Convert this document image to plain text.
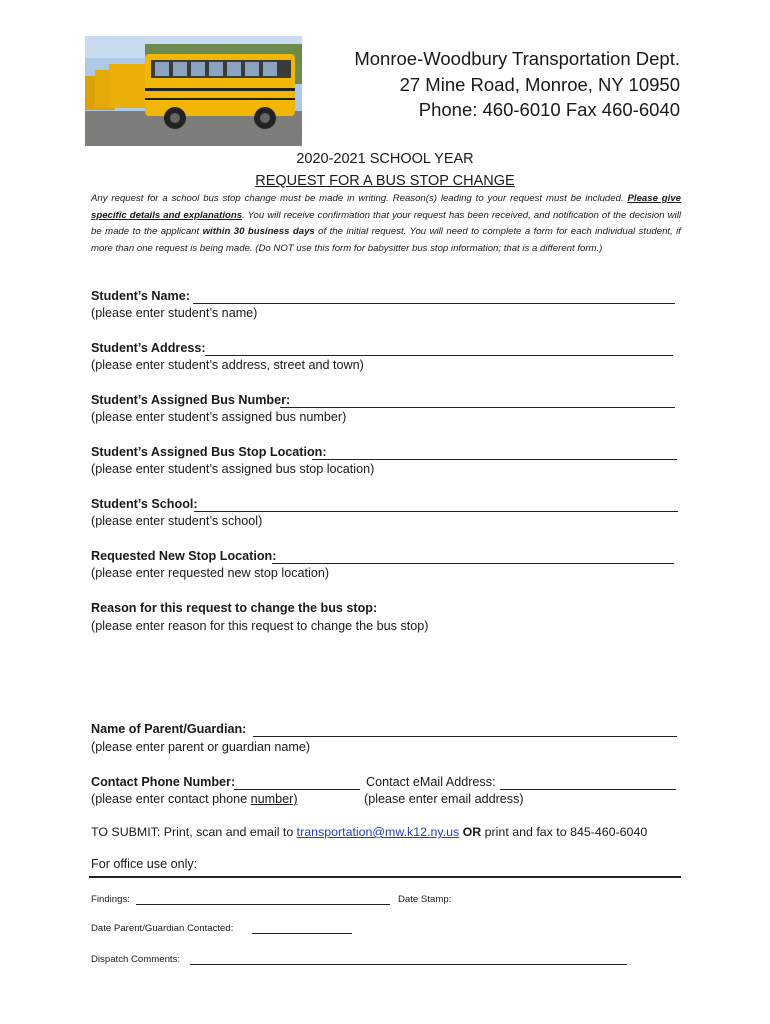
Monroe-Woodbury Transportation Dept.
27 Mine Road, Monroe, NY 10950
Phone: 460-6010 Fax 460-6040
2020-2021 SCHOOL YEAR
REQUEST FOR A BUS STOP CHANGE
Any request for a school bus stop change must be made in writing. Reason(s) leading to your request must be included. Please give specific details and explanations. You will receive confirmation that your request has been received, and notification of the decision will be made to the applicant within 30 business days of the initial request. You will need to complete a form for each individual student, if more than one request is being made. (Do NOT use this form for babysitter bus stop information; that is a different form.)
Student’s Name:
(please enter student’s name)
Student’s Address:
(please enter student’s address, street and town)
Student’s Assigned Bus Number:
(please enter student’s assigned bus number)
Student’s Assigned Bus Stop Location:
(please enter student’s assigned bus stop location)
Student’s School:
(please enter student’s school)
Requested New Stop Location:
(please enter requested new stop location)
Reason for this request to change the bus stop:
(please enter reason for this request to change the bus stop)
Name of Parent/Guardian:
(please enter parent or guardian name)
Contact Phone Number:
(please enter contact phone number)
Contact eMail Address:
(please enter email address)
TO SUBMIT: Print, scan and email to transportation@mw.k12.ny.us OR print and fax to 845-460-6040
For office use only:
Findings:	Date Stamp:
Date Parent/Guardian Contacted:
Dispatch Comments:
